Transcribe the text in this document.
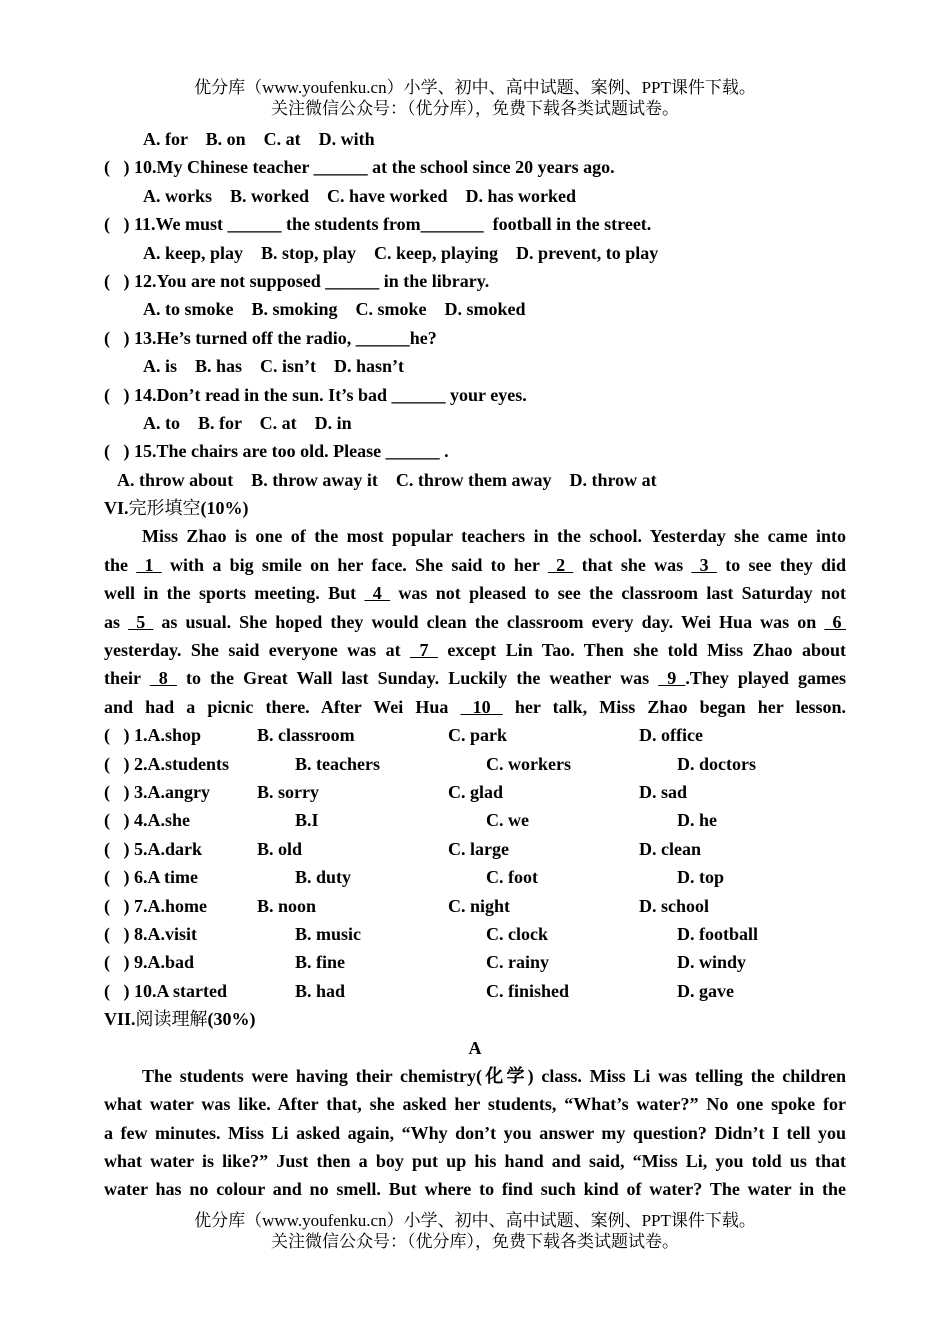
优分库（www.youfenku.cn）小学、初中、高中试题、案例、PPT课件下载。
关注微信公众号：（优分库），免费下载各类试题试卷。
A. for    B. on    C. at    D. with
(   ) 10.My Chinese teacher ______ at the school since 20 years ago.
A. works    B. worked    C. have worked    D. has worked
(   ) 11.We must ______ the students from_______  football in the street.
A. keep, play    B. stop, play    C. keep, playing    D. prevent, to play
(   ) 12.You are not supposed ______ in the library.
A. to smoke    B. smoking    C. smoke    D. smoked
(   ) 13.He’s turned off the radio, ______he?
A. is    B. has    C. isn’t    D. hasn’t
(   ) 14.Don’t read in the sun. It’s bad ______ your eyes.
A. to    B. for    C. at    D. in
(   ) 15.The chairs are too old. Please ______ .
A. throw about    B. throw away it    C. throw them away    D. throw at
VI.完形填空(10%)
Miss Zhao is one of the most popular teachers in the school. Yesterday she came into
the  1  with a big smile on her face. She said to her  2  that she was  3  to see they did
well in the sports meeting. But  4  was not pleased to see the classroom last Saturday not
as  5  as usual. She hoped they would clean the classroom every day. Wei Hua was on  6
yesterday. She said everyone was at  7  except Lin Tao. Then she told Miss Zhao about
their  8  to the Great Wall last Sunday. Luckily the weather was  9 .They played games
and had a picnic there. After Wei Hua  10  her talk, Miss Zhao began her lesson.
(   ) 1.A.shop	B. classroom	C. park	D. office
(   ) 2.A.students	B. teachers	C. workers	D. doctors
(   ) 3.A.angry	B. sorry	C. glad	D. sad
(   ) 4.A.she	B.I	C. we	D. he
(   ) 5.A.dark	B. old	C. large	D. clean
(   ) 6.A time	B. duty	C. foot	D. top
(   ) 7.A.home	B. noon	C. night	D. school
(   ) 8.A.visit	B. music	C. clock	D. football
(   ) 9.A.bad	B. fine	C. rainy	D. windy
(   ) 10.A started	B. had	C. finished	D. gave
VII.阅读理解(30%)
A
The students were having their chemistry(化学) class. Miss Li was telling the children
what water was like. After that, she asked her students, “What’s water?” No one spoke for
a few minutes. Miss Li asked again, “Why don’t you answer my question? Didn’t I tell you
what water is like?” Just then a boy put up his hand and said, “Miss Li, you told us that
water has no colour and no smell. But where to find such kind of water? The water in the
优分库（www.youfenku.cn）小学、初中、高中试题、案例、PPT课件下载。
关注微信公众号：（优分库），免费下载各类试题试卷。
